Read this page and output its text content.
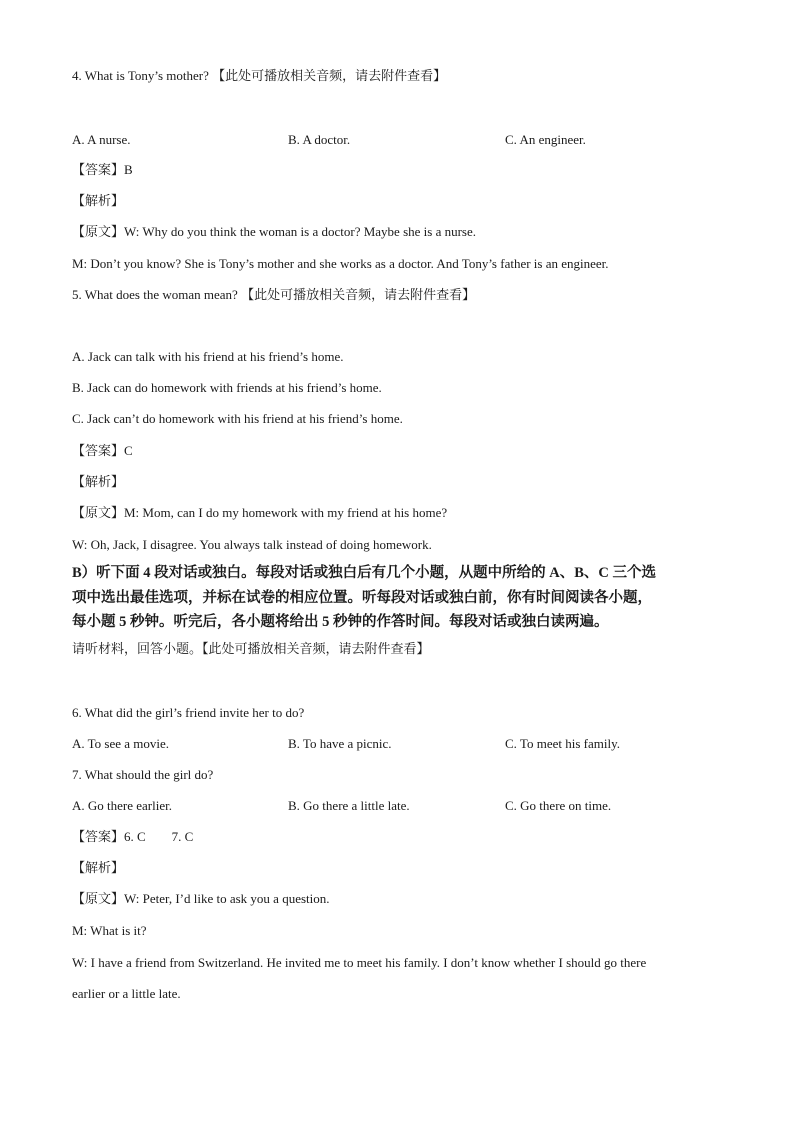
4. What is Tony’s mother? 【此处可播放相关音频，请去附件查看】
A. A nurse.	B. A doctor.	C. An engineer.
【答案】B
【解析】
【原文】W: Why do you think the woman is a doctor? Maybe she is a nurse.
M: Don’t you know? She is Tony’s mother and she works as a doctor. And Tony’s father is an engineer.
5. What does the woman mean? 【此处可播放相关音频，请去附件查看】
A. Jack can talk with his friend at his friend’s home.
B. Jack can do homework with friends at his friend’s home.
C. Jack can’t do homework with his friend at his friend’s home.
【答案】C
【解析】
【原文】M: Mom, can I do my homework with my friend at his home?
W: Oh, Jack, I disagree. You always talk instead of doing homework.
B）听下面 4 段对话或独白。每段对话或独白后有几个小题，从题中所给的 A、B、C 三个选
项中选出最佳选项，并标在试卷的相应位置。听每段对话或独白前，你有时间阅读各小题，
每小题 5 秒钟。听完后，各小题将给出 5 秒钟的作答时间。每段对话或独白读两遍。
请听材料，回答小题。【此处可播放相关音频，请去附件查看】
6. What did the girl’s friend invite her to do?
A. To see a movie.	B. To have a picnic.	C. To meet his family.
7. What should the girl do?
A. Go there earlier.	B. Go there a little late.	C. Go there on time.
【答案】6. C        7. C
【解析】
【原文】W: Peter, I’d like to ask you a question.
M: What is it?
W: I have a friend from Switzerland. He invited me to meet his family. I don’t know whether I should go there
earlier or a little late.
